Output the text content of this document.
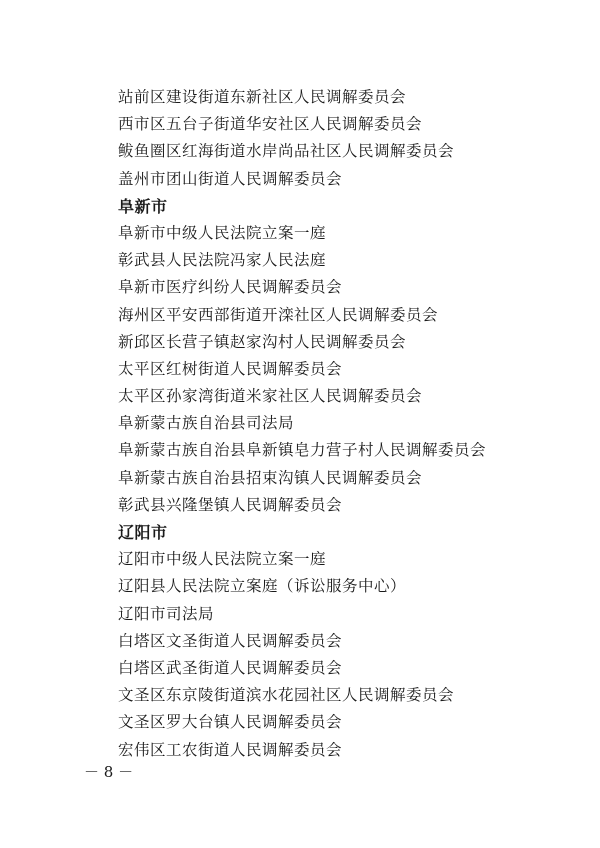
站前区建设街道东新社区人民调解委员会
西市区五台子街道华安社区人民调解委员会
鲅鱼圈区红海街道水岸尚品社区人民调解委员会
盖州市团山街道人民调解委员会
阜新市
阜新市中级人民法院立案一庭
彰武县人民法院冯家人民法庭
阜新市医疗纠纷人民调解委员会
海州区平安西部街道开滦社区人民调解委员会
新邱区长营子镇赵家沟村人民调解委员会
太平区红树街道人民调解委员会
太平区孙家湾街道米家社区人民调解委员会
阜新蒙古族自治县司法局
阜新蒙古族自治县阜新镇皂力营子村人民调解委员会
阜新蒙古族自治县招束沟镇人民调解委员会
彰武县兴隆堡镇人民调解委员会
辽阳市
辽阳市中级人民法院立案一庭
辽阳县人民法院立案庭（诉讼服务中心）
辽阳市司法局
白塔区文圣街道人民调解委员会
白塔区武圣街道人民调解委员会
文圣区东京陵街道滨水花园社区人民调解委员会
文圣区罗大台镇人民调解委员会
宏伟区工农街道人民调解委员会
－ 8 －
